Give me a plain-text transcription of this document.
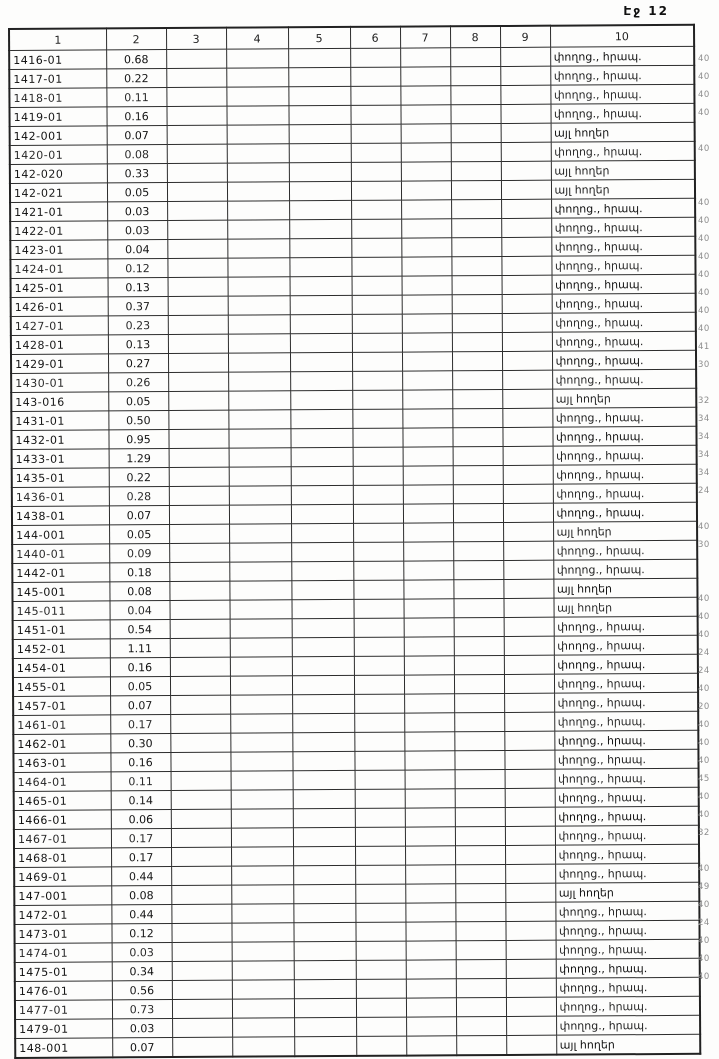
Էջ 12
1	2	3	4	5	6	7	8	9	10
1416-01	0.68								փողոց., հրապ.
1417-01	0.22								փողոց., հրապ.
1418-01	0.11								փողոց., հրապ.
1419-01	0.16								փողոց., հրապ.
142-001	0.07								այլ հողեր
1420-01	0.08								փողոց., հրապ.
142-020	0.33								այլ հողեր
142-021	0.05								այլ հողեր
1421-01	0.03								փողոց., հրապ.
1422-01	0.03								փողոց., հրապ.
1423-01	0.04								փողոց., հրապ.
1424-01	0.12								փողոց., հրապ.
1425-01	0.13								փողոց., հրապ.
1426-01	0.37								փողոց., հրապ.
1427-01	0.23								փողոց., հրապ.
1428-01	0.13								փողոց., հրապ.
1429-01	0.27								փողոց., հրապ.
1430-01	0.26								փողոց., հրապ.
143-016	0.05								այլ հողեր
1431-01	0.50								փողոց., հրապ.
1432-01	0.95								փողոց., հրապ.
1433-01	1.29								փողոց., հրապ.
1435-01	0.22								փողոց., հրապ.
1436-01	0.28								փողոց., հրապ.
1438-01	0.07								փողոց., հրապ.
144-001	0.05								այլ հողեր
1440-01	0.09								փողոց., հրապ.
1442-01	0.18								փողոց., հրապ.
145-001	0.08								այլ հողեր
145-011	0.04								այլ հողեր
1451-01	0.54								փողոց., հրապ.
1452-01	1.11								փողոց., հրապ.
1454-01	0.16								փողոց., հրապ.
1455-01	0.05								փողոց., հրապ.
1457-01	0.07								փողոց., հրապ.
1461-01	0.17								փողոց., հրապ.
1462-01	0.30								փողոց., հրապ.
1463-01	0.16								փողոց., հրապ.
1464-01	0.11								փողոց., հրապ.
1465-01	0.14								փողոց., հրապ.
1466-01	0.06								փողոց., հրապ.
1467-01	0.17								փողոց., հրապ.
1468-01	0.17								փողոց., հրապ.
1469-01	0.44								փողոց., հրապ.
147-001	0.08								այլ հողեր
1472-01	0.44								փողոց., հրապ.
1473-01	0.12								փողոց., հրապ.
1474-01	0.03								փողոց., հրապ.
1475-01	0.34								փողոց., հրապ.
1476-01	0.56								փողոց., հրապ.
1477-01	0.73								փողոց., հրապ.
1479-01	0.03								փողոց., հրապ.
148-001	0.07								այլ հողեր
40
40
40
40
40
40
40
40
40
40
40
40
40
41
30
32
34
34
34
34
24
40
30
40
40
40
24
24
40
20
40
40
40
45
40
40
32
40
49
40
24
40
40
40
